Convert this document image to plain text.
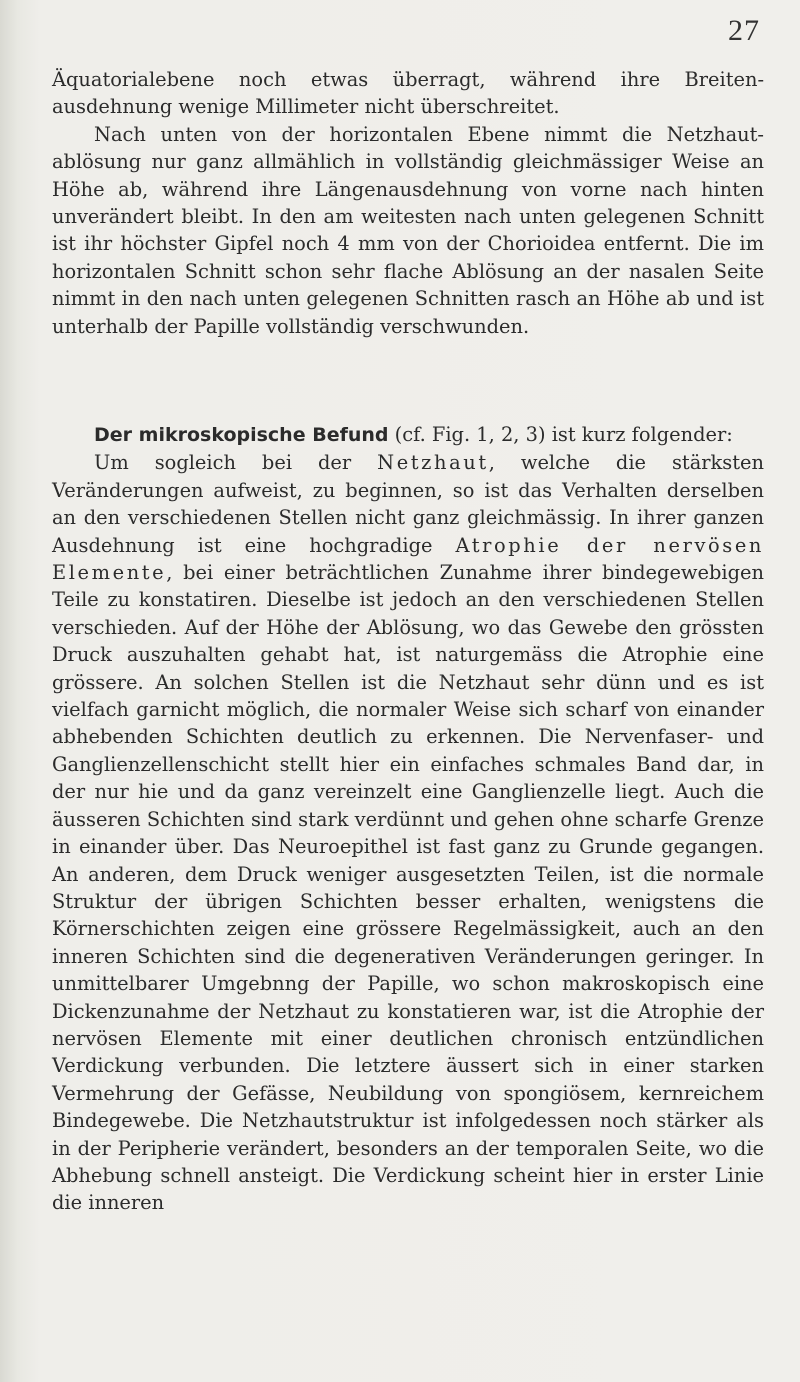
27

Äquatorialebene noch etwas überragt, während ihre Breiten-ausdehnung wenige Millimeter nicht überschreitet.

Nach unten von der horizontalen Ebene nimmt die Netzhaut-ablösung nur ganz allmählich in vollständig gleichmässiger Weise an Höhe ab, während ihre Längenausdehnung von vorne nach hinten unverändert bleibt. In den am weitesten nach unten gelegenen Schnitt ist ihr höchster Gipfel noch 4 mm von der Chorioidea entfernt. Die im horizontalen Schnitt schon sehr flache Ablösung an der nasalen Seite nimmt in den nach unten gelegenen Schnitten rasch an Höhe ab und ist unterhalb der Papille vollständig verschwunden.

Der mikroskopische Befund (cf. Fig. 1, 2, 3) ist kurz folgender:

Um sogleich bei der Netzhaut, welche die stärksten Veränderungen aufweist, zu beginnen, so ist das Verhalten derselben an den verschiedenen Stellen nicht ganz gleichmässig. In ihrer ganzen Ausdehnung ist eine hochgradige Atrophie der nervösen Elemente, bei einer beträchtlichen Zunahme ihrer bindegewebigen Teile zu konstatiren. Dieselbe ist jedoch an den verschiedenen Stellen verschieden. Auf der Höhe der Ablösung, wo das Gewebe den grössten Druck auszuhalten gehabt hat, ist naturgemäss die Atrophie eine grössere. An solchen Stellen ist die Netzhaut sehr dünn und es ist vielfach garnicht möglich, die normaler Weise sich scharf von einander abhebenden Schichten deutlich zu erkennen. Die Nervenfaser- und Ganglienzellenschicht stellt hier ein einfaches schmales Band dar, in der nur hie und da ganz vereinzelt eine Ganglienzelle liegt. Auch die äusseren Schichten sind stark verdünnt und gehen ohne scharfe Grenze in einander über. Das Neuroepithel ist fast ganz zu Grunde gegangen. An anderen, dem Druck weniger ausgesetzten Teilen, ist die normale Struktur der übrigen Schichten besser erhalten, wenigstens die Körnerschichten zeigen eine grössere Regelmässigkeit, auch an den inneren Schichten sind die degenerativen Veränderungen geringer. In unmittelbarer Umgebnng der Papille, wo schon makroskopisch eine Dickenzunahme der Netzhaut zu konstatieren war, ist die Atrophie der nervösen Elemente mit einer deutlichen chronisch entzündlichen Verdickung verbunden. Die letztere äussert sich in einer starken Vermehrung der Gefässe, Neubildung von spongiösem, kernreichem Bindegewebe. Die Netzhautstruktur ist infolgedessen noch stärker als in der Peripherie verändert, besonders an der temporalen Seite, wo die Abhebung schnell ansteigt. Die Verdickung scheint hier in erster Linie die inneren
